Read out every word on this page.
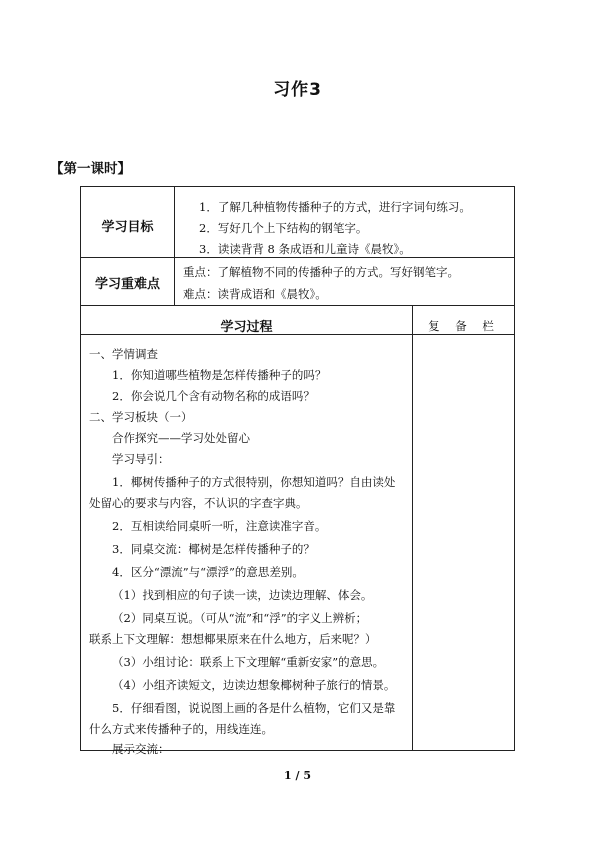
习作3
【第一课时】
学习目标
1．了解几种植物传播种子的方式，进行字词句练习。
2．写好几个上下结构的钢笔字。
3．读读背背 8 条成语和儿童诗《晨牧》。
学习重难点
重点：了解植物不同的传播种子的方式。写好钢笔字。
难点：读背成语和《晨牧》。
学习过程	复 备 栏
一、学情调查
1．你知道哪些植物是怎样传播种子的吗？
2．你会说几个含有动物名称的成语吗？
二、学习板块（一）
合作探究——学习处处留心
学习导引：
1．椰树传播种子的方式很特别，你想知道吗？自由读处
处留心的要求与内容，不认识的字查字典。
2．互相读给同桌听一听，注意读准字音。
3．同桌交流：椰树是怎样传播种子的？
4．区分“漂流”与“漂浮”的意思差别。
（1）找到相应的句子读一读，边读边理解、体会。
（2）同桌互说。（可从“流”和“浮”的字义上辨析；
联系上下文理解：想想椰果原来在什么地方，后来呢？）
（3）小组讨论：联系上下文理解“重新安家”的意思。
（4）小组齐读短文，边读边想象椰树种子旅行的情景。
5．仔细看图，说说图上画的各是什么植物，它们又是靠
什么方式来传播种子的，用线连连。
展示交流：
1 / 5
